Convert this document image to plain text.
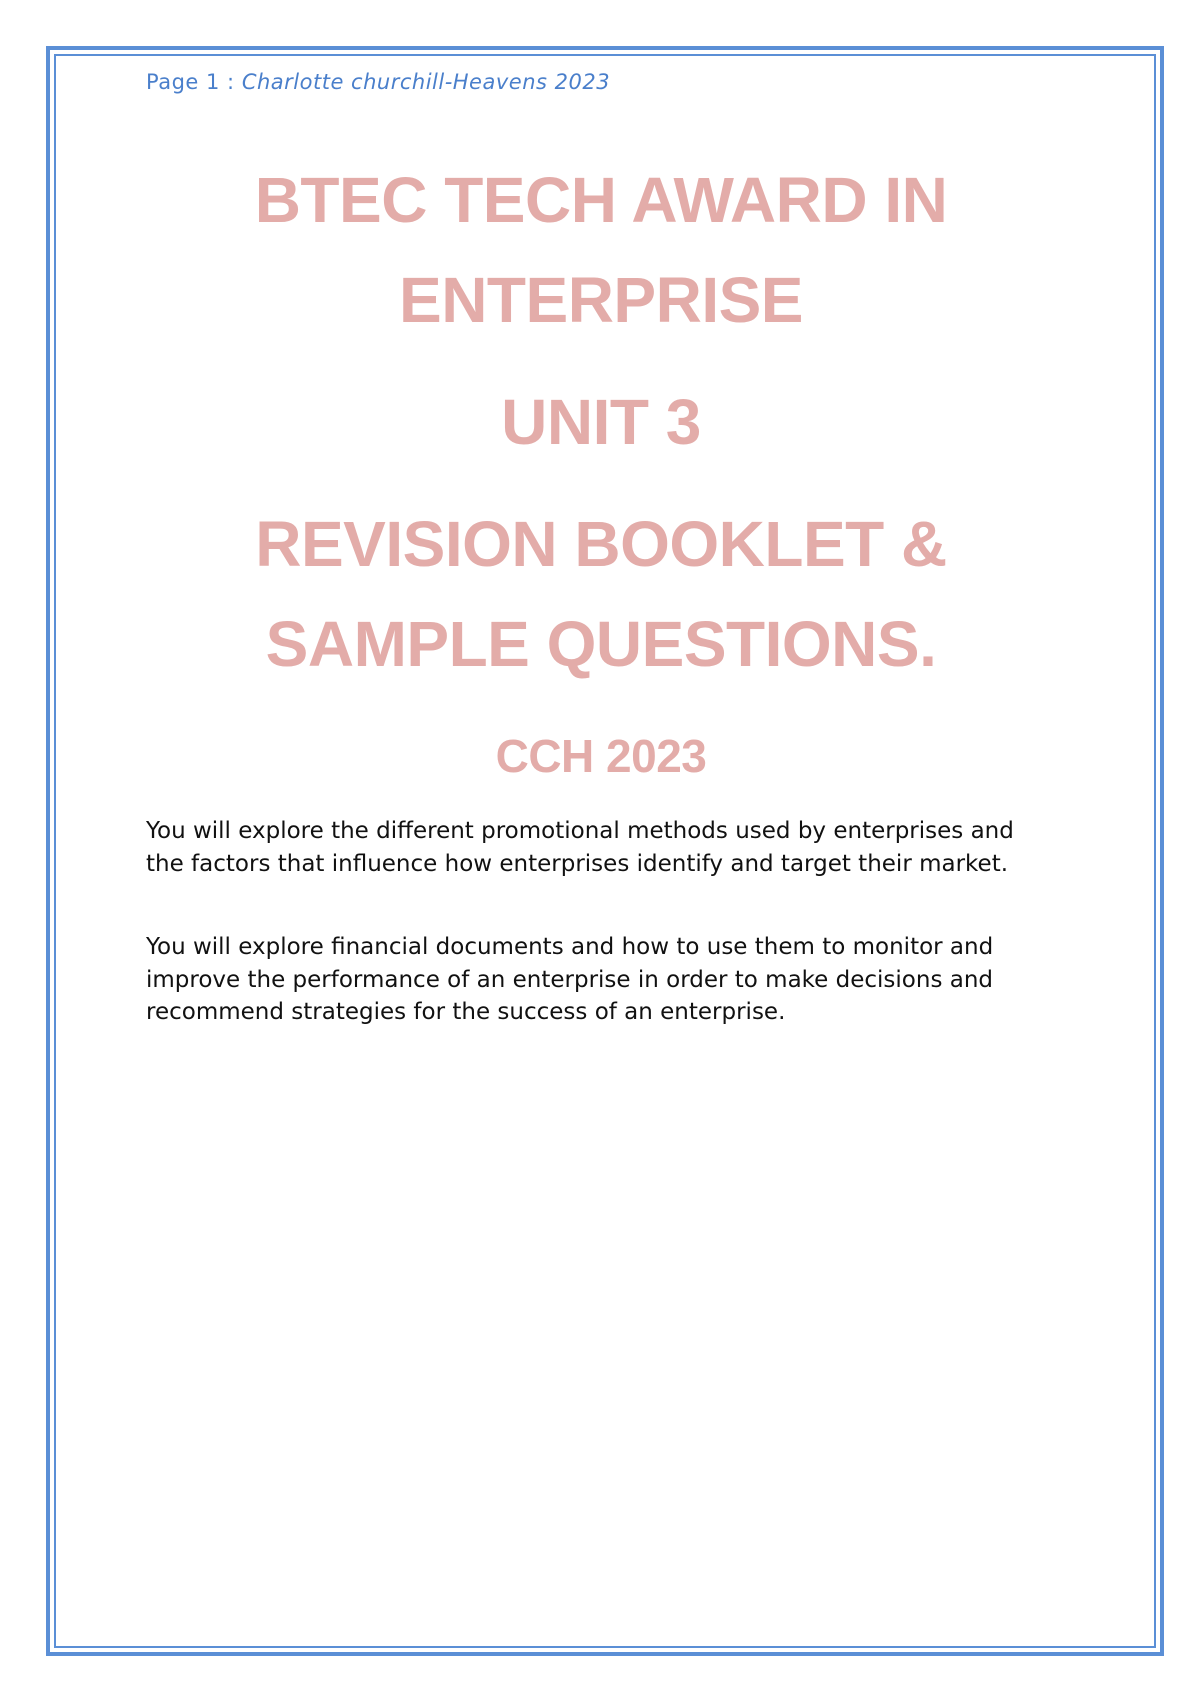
Page 1 : Charlotte churchill-Heavens 2023
BTEC TECH AWARD IN
ENTERPRISE
UNIT 3
REVISION BOOKLET &
SAMPLE QUESTIONS.
CCH 2023

You will explore the different promotional methods used by enterprises and the factors that influence how enterprises identify and target their market.

You will explore financial documents and how to use them to monitor and improve the performance of an enterprise in order to make decisions and recommend strategies for the success of an enterprise.
